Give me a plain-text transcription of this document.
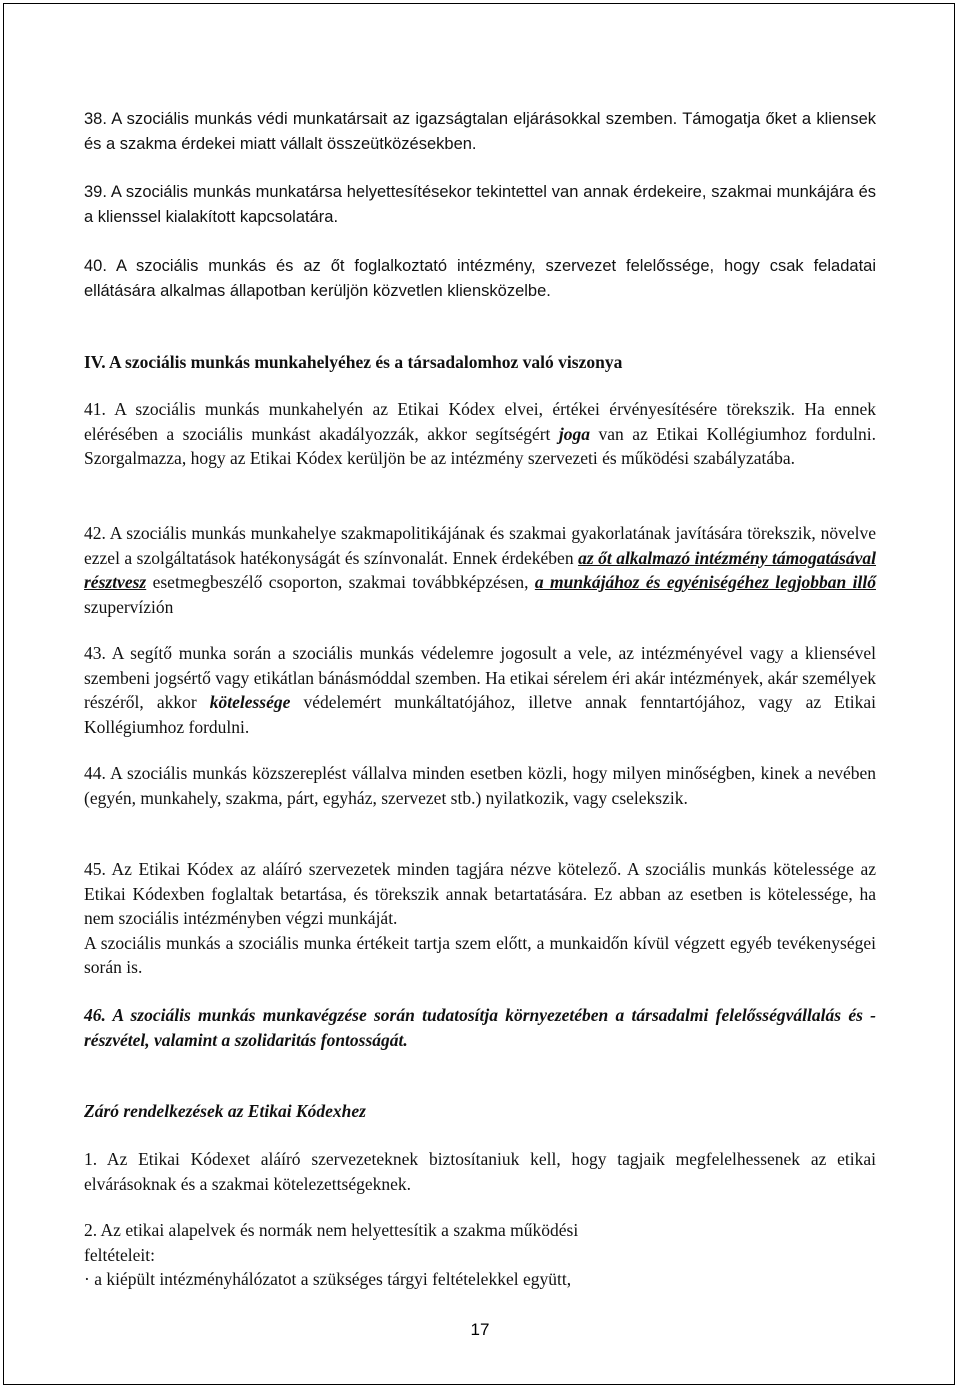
38. A szociális munkás védi munkatársait az igazságtalan eljárásokkal szemben. Támogatja őket a kliensek és a szakma érdekei miatt vállalt összeütközésekben.
39. A szociális munkás munkatársa helyettesítésekor tekintettel van annak érdekeire, szakmai munkájára és a klienssel kialakított kapcsolatára.
40. A szociális munkás és az őt foglalkoztató intézmény, szervezet felelőssége, hogy csak feladatai ellátására alkalmas állapotban kerüljön közvetlen kliensközelbe.
IV. A szociális munkás munkahelyéhez és a társadalomhoz való viszonya
41. A szociális munkás munkahelyén az Etikai Kódex elvei, értékei érvényesítésére törekszik. Ha ennek elérésében a szociális munkást akadályozzák, akkor segítségért joga van az Etikai Kollégiumhoz fordulni. Szorgalmazza, hogy az Etikai Kódex kerüljön be az intézmény szervezeti és működési szabályzatába.
42. A szociális munkás munkahelye szakmapolitikájának és szakmai gyakorlatának javítására törekszik, növelve ezzel a szolgáltatások hatékonyságát és színvonalát. Ennek érdekében az őt alkalmazó intézmény támogatásával résztvesz esetmegbeszélő csoporton, szakmai továbbképzésen, a munkájához és egyéniségéhez legjobban illő szupervízión
43. A segítő munka során a szociális munkás védelemre jogosult a vele, az intézményével vagy a kliensével szembeni jogsértő vagy etikátlan bánásmóddal szemben. Ha etikai sérelem éri akár intézmények, akár személyek részéről, akkor kötelessége védelemért munkáltatójához, illetve annak fenntartójához, vagy az Etikai Kollégiumhoz fordulni.
44. A szociális munkás közszereplést vállalva minden esetben közli, hogy milyen minőségben, kinek a nevében (egyén, munkahely, szakma, párt, egyház, szervezet stb.) nyilatkozik, vagy cselekszik.
45. Az Etikai Kódex az aláíró szervezetek minden tagjára nézve kötelező. A szociális munkás kötelessége az Etikai Kódexben foglaltak betartása, és törekszik annak betartatására. Ez abban az esetben is kötelessége, ha nem szociális intézményben végzi munkáját.
A szociális munkás a szociális munka értékeit tartja szem előtt, a munkaidőn kívül végzett egyéb tevékenységei során is.
46. A szociális munkás munkavégzése során tudatosítja környezetében a társadalmi felelősségvállalás és -részvétel, valamint a szolidaritás fontosságát.
Záró rendelkezések az Etikai Kódexhez
1. Az Etikai Kódexet aláíró szervezeteknek biztosítaniuk kell, hogy tagjaik megfelelhessenek az etikai elvárásoknak és a szakmai kötelezettségeknek.
2. Az etikai alapelvek és normák nem helyettesítik a szakma működési
feltételeit:
· a kiépült intézményhálózatot a szükséges tárgyi feltételekkel együtt,
17
